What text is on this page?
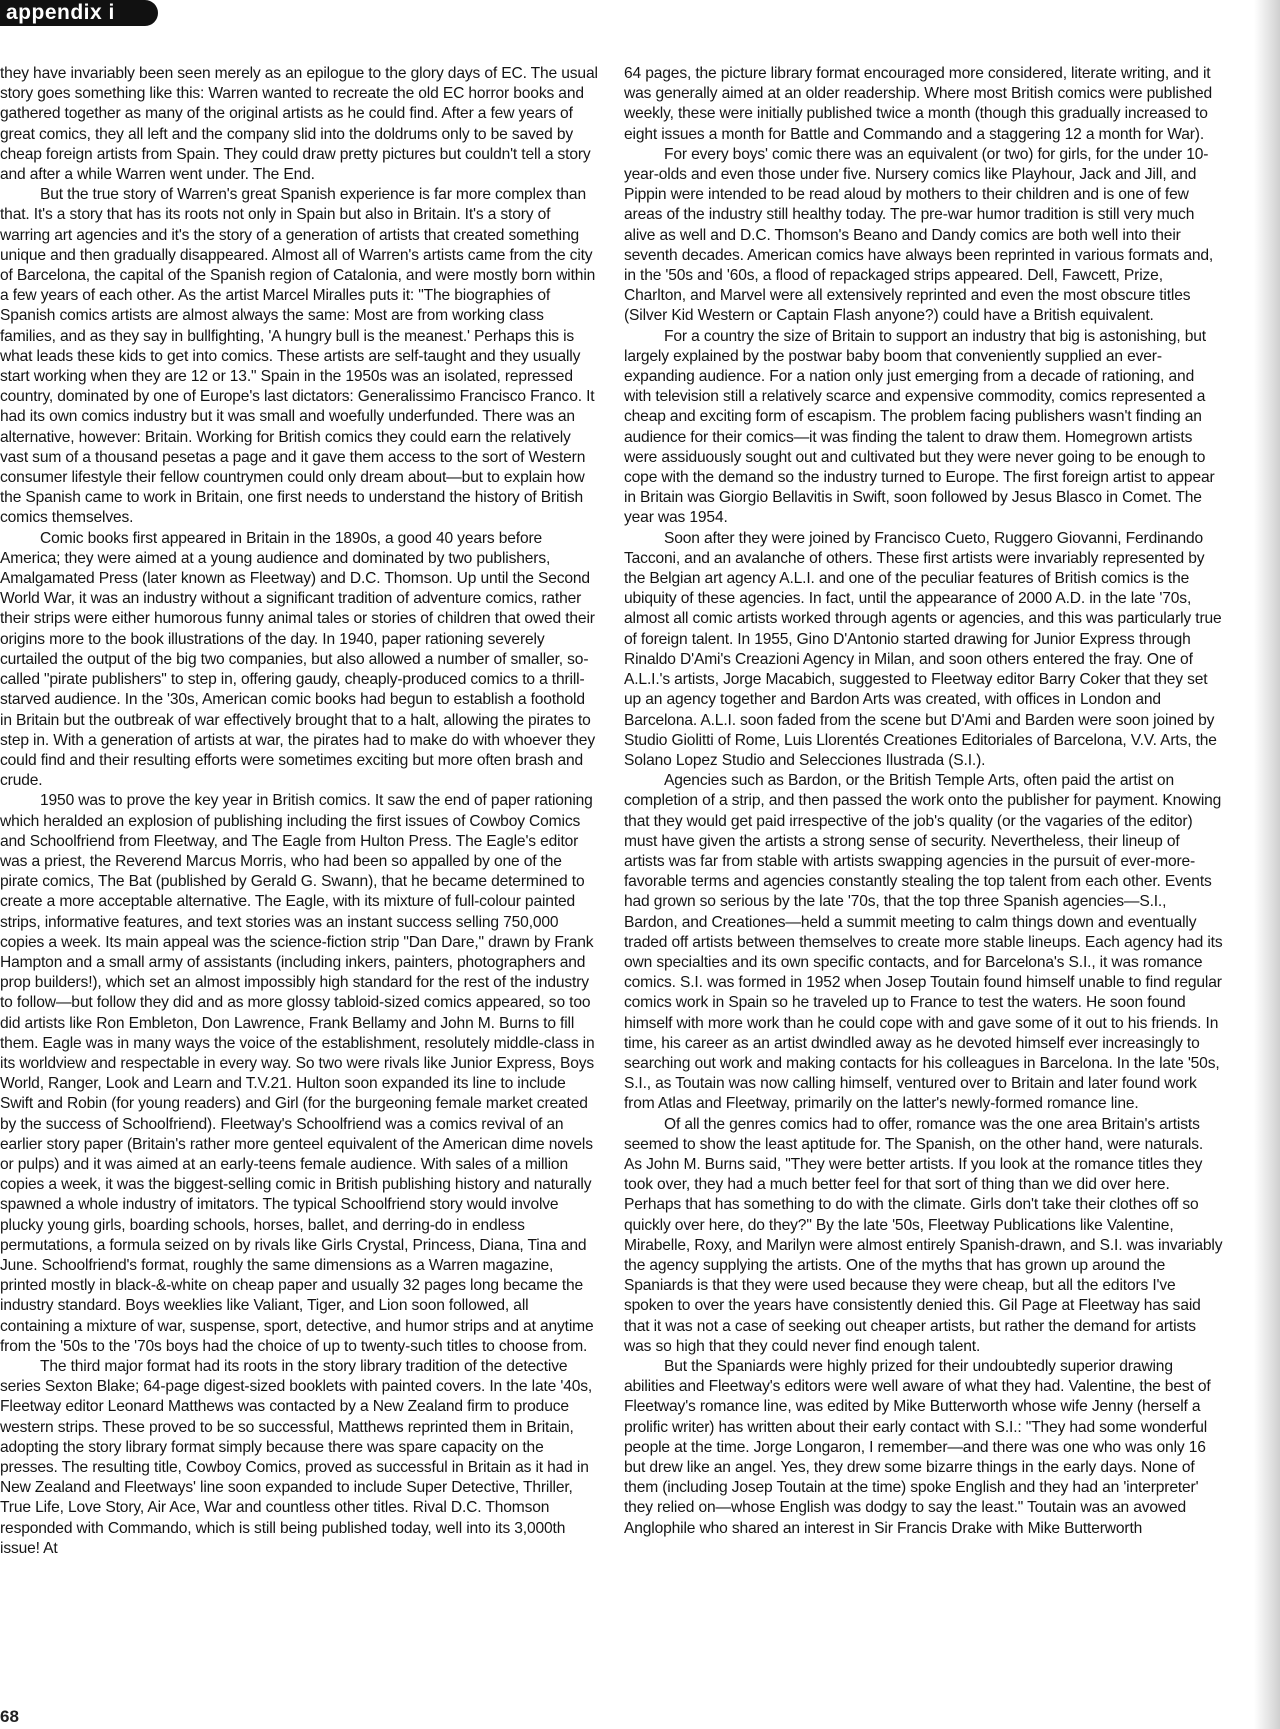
appendix i

they have invariably been seen merely as an epilogue to the glory days of EC. The usual story goes something like this: Warren wanted to recreate the old EC horror books and gathered together as many of the original artists as he could find. After a few years of great comics, they all left and the company slid into the doldrums only to be saved by cheap foreign artists from Spain. They could draw pretty pictures but couldn't tell a story and after a while Warren went under. The End.

But the true story of Warren's great Spanish experience is far more complex than that. It's a story that has its roots not only in Spain but also in Britain. It's a story of warring art agencies and it's the story of a generation of artists that created something unique and then gradually disappeared. Almost all of Warren's artists came from the city of Barcelona, the capital of the Spanish region of Catalonia, and were mostly born within a few years of each other. As the artist Marcel Miralles puts it: "The biographies of Spanish comics artists are almost always the same: Most are from working class families, and as they say in bullfighting, 'A hungry bull is the meanest.' Perhaps this is what leads these kids to get into comics. These artists are self-taught and they usually start working when they are 12 or 13." Spain in the 1950s was an isolated, repressed country, dominated by one of Europe's last dictators: Generalissimo Francisco Franco. It had its own comics industry but it was small and woefully underfunded. There was an alternative, however: Britain. Working for British comics they could earn the relatively vast sum of a thousand pesetas a page and it gave them access to the sort of Western consumer lifestyle their fellow countrymen could only dream about—but to explain how the Spanish came to work in Britain, one first needs to understand the history of British comics themselves.

Comic books first appeared in Britain in the 1890s, a good 40 years before America; they were aimed at a young audience and dominated by two publishers, Amalgamated Press (later known as Fleetway) and D.C. Thomson. Up until the Second World War, it was an industry without a significant tradition of adventure comics, rather their strips were either humorous funny animal tales or stories of children that owed their origins more to the book illustrations of the day. In 1940, paper rationing severely curtailed the output of the big two companies, but also allowed a number of smaller, so-called "pirate publishers" to step in, offering gaudy, cheaply-produced comics to a thrill-starved audience. In the '30s, American comic books had begun to establish a foothold in Britain but the outbreak of war effectively brought that to a halt, allowing the pirates to step in. With a generation of artists at war, the pirates had to make do with whoever they could find and their resulting efforts were sometimes exciting but more often brash and crude.

1950 was to prove the key year in British comics. It saw the end of paper rationing which heralded an explosion of publishing including the first issues of Cowboy Comics and Schoolfriend from Fleetway, and The Eagle from Hulton Press. The Eagle's editor was a priest, the Reverend Marcus Morris, who had been so appalled by one of the pirate comics, The Bat (published by Gerald G. Swann), that he became determined to create a more acceptable alternative. The Eagle, with its mixture of full-colour painted strips, informative features, and text stories was an instant success selling 750,000 copies a week. Its main appeal was the science-fiction strip "Dan Dare," drawn by Frank Hampton and a small army of assistants (including inkers, painters, photographers and prop builders!), which set an almost impossibly high standard for the rest of the industry to follow—but follow they did and as more glossy tabloid-sized comics appeared, so too did artists like Ron Embleton, Don Lawrence, Frank Bellamy and John M. Burns to fill them. Eagle was in many ways the voice of the establishment, resolutely middle-class in its worldview and respectable in every way. So two were rivals like Junior Express, Boys World, Ranger, Look and Learn and T.V.21. Hulton soon expanded its line to include Swift and Robin (for young readers) and Girl (for the burgeoning female market created by the success of Schoolfriend). Fleetway's Schoolfriend was a comics revival of an earlier story paper (Britain's rather more genteel equivalent of the American dime novels or pulps) and it was aimed at an early-teens female audience. With sales of a million copies a week, it was the biggest-selling comic in British publishing history and naturally spawned a whole industry of imitators. The typical Schoolfriend story would involve plucky young girls, boarding schools, horses, ballet, and derring-do in endless permutations, a formula seized on by rivals like Girls Crystal, Princess, Diana, Tina and June. Schoolfriend's format, roughly the same dimensions as a Warren magazine, printed mostly in black-&-white on cheap paper and usually 32 pages long became the industry standard. Boys weeklies like Valiant, Tiger, and Lion soon followed, all containing a mixture of war, suspense, sport, detective, and humor strips and at anytime from the '50s to the '70s boys had the choice of up to twenty-such titles to choose from.

The third major format had its roots in the story library tradition of the detective series Sexton Blake; 64-page digest-sized booklets with painted covers. In the late '40s, Fleetway editor Leonard Matthews was contacted by a New Zealand firm to produce western strips. These proved to be so successful, Matthews reprinted them in Britain, adopting the story library format simply because there was spare capacity on the presses. The resulting title, Cowboy Comics, proved as successful in Britain as it had in New Zealand and Fleetways' line soon expanded to include Super Detective, Thriller, True Life, Love Story, Air Ace, War and countless other titles. Rival D.C. Thomson responded with Commando, which is still being published today, well into its 3,000th issue! At

64 pages, the picture library format encouraged more considered, literate writing, and it was generally aimed at an older readership. Where most British comics were published weekly, these were initially published twice a month (though this gradually increased to eight issues a month for Battle and Commando and a staggering 12 a month for War).

For every boys' comic there was an equivalent (or two) for girls, for the under 10-year-olds and even those under five. Nursery comics like Playhour, Jack and Jill, and Pippin were intended to be read aloud by mothers to their children and is one of few areas of the industry still healthy today. The pre-war humor tradition is still very much alive as well and D.C. Thomson's Beano and Dandy comics are both well into their seventh decades. American comics have always been reprinted in various formats and, in the '50s and '60s, a flood of repackaged strips appeared. Dell, Fawcett, Prize, Charlton, and Marvel were all extensively reprinted and even the most obscure titles (Silver Kid Western or Captain Flash anyone?) could have a British equivalent.

For a country the size of Britain to support an industry that big is astonishing, but largely explained by the postwar baby boom that conveniently supplied an ever-expanding audience. For a nation only just emerging from a decade of rationing, and with television still a relatively scarce and expensive commodity, comics represented a cheap and exciting form of escapism. The problem facing publishers wasn't finding an audience for their comics—it was finding the talent to draw them. Homegrown artists were assiduously sought out and cultivated but they were never going to be enough to cope with the demand so the industry turned to Europe. The first foreign artist to appear in Britain was Giorgio Bellavitis in Swift, soon followed by Jesus Blasco in Comet. The year was 1954.

Soon after they were joined by Francisco Cueto, Ruggero Giovanni, Ferdinando Tacconi, and an avalanche of others. These first artists were invariably represented by the Belgian art agency A.L.I. and one of the peculiar features of British comics is the ubiquity of these agencies. In fact, until the appearance of 2000 A.D. in the late '70s, almost all comic artists worked through agents or agencies, and this was particularly true of foreign talent. In 1955, Gino D'Antonio started drawing for Junior Express through Rinaldo D'Ami's Creazioni Agency in Milan, and soon others entered the fray. One of A.L.I.'s artists, Jorge Macabich, suggested to Fleetway editor Barry Coker that they set up an agency together and Bardon Arts was created, with offices in London and Barcelona. A.L.I. soon faded from the scene but D'Ami and Barden were soon joined by Studio Giolitti of Rome, Luis Llorentés Creationes Editoriales of Barcelona, V.V. Arts, the Solano Lopez Studio and Selecciones Ilustrada (S.I.).

Agencies such as Bardon, or the British Temple Arts, often paid the artist on completion of a strip, and then passed the work onto the publisher for payment. Knowing that they would get paid irrespective of the job's quality (or the vagaries of the editor) must have given the artists a strong sense of security. Nevertheless, their lineup of artists was far from stable with artists swapping agencies in the pursuit of ever-more-favorable terms and agencies constantly stealing the top talent from each other. Events had grown so serious by the late '70s, that the top three Spanish agencies—S.I., Bardon, and Creationes—held a summit meeting to calm things down and eventually traded off artists between themselves to create more stable lineups. Each agency had its own specialties and its own specific contacts, and for Barcelona's S.I., it was romance comics. S.I. was formed in 1952 when Josep Toutain found himself unable to find regular comics work in Spain so he traveled up to France to test the waters. He soon found himself with more work than he could cope with and gave some of it out to his friends. In time, his career as an artist dwindled away as he devoted himself ever increasingly to searching out work and making contacts for his colleagues in Barcelona. In the late '50s, S.I., as Toutain was now calling himself, ventured over to Britain and later found work from Atlas and Fleetway, primarily on the latter's newly-formed romance line.

Of all the genres comics had to offer, romance was the one area Britain's artists seemed to show the least aptitude for. The Spanish, on the other hand, were naturals. As John M. Burns said, "They were better artists. If you look at the romance titles they took over, they had a much better feel for that sort of thing than we did over here. Perhaps that has something to do with the climate. Girls don't take their clothes off so quickly over here, do they?" By the late '50s, Fleetway Publications like Valentine, Mirabelle, Roxy, and Marilyn were almost entirely Spanish-drawn, and S.I. was invariably the agency supplying the artists. One of the myths that has grown up around the Spaniards is that they were used because they were cheap, but all the editors I've spoken to over the years have consistently denied this. Gil Page at Fleetway has said that it was not a case of seeking out cheaper artists, but rather the demand for artists was so high that they could never find enough talent.

But the Spaniards were highly prized for their undoubtedly superior drawing abilities and Fleetway's editors were well aware of what they had. Valentine, the best of Fleetway's romance line, was edited by Mike Butterworth whose wife Jenny (herself a prolific writer) has written about their early contact with S.I.: "They had some wonderful people at the time. Jorge Longaron, I remember—and there was one who was only 16 but drew like an angel. Yes, they drew some bizarre things in the early days. None of them (including Josep Toutain at the time) spoke English and they had an 'interpreter' they relied on—whose English was dodgy to say the least." Toutain was an avowed Anglophile who shared an interest in Sir Francis Drake with Mike Butterworth

68
